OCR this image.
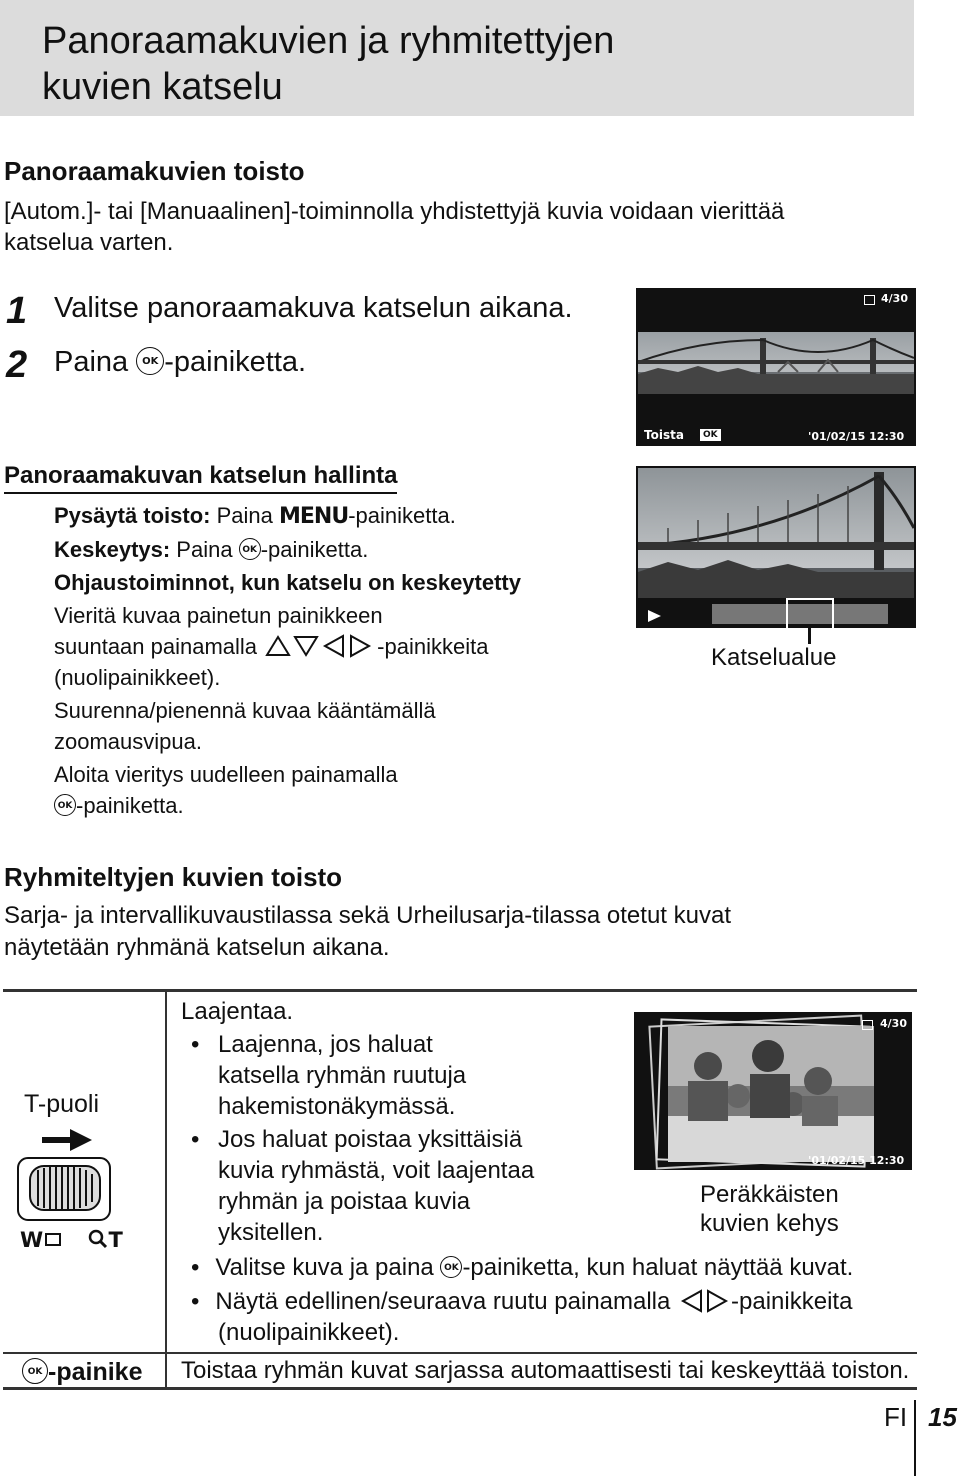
Panoraamakuvien ja ryhmitettyjen
kuvien katselu
Panoraamakuvien toisto
[Autom.]- tai [Manuaalinen]-toiminnolla yhdistettyjä kuvia voidaan vierittää
katselua varten.
1 Valitse panoraamakuva katselun aikana.
2 Paina OK -painiketta.
4/30
Toista	OK	'01/02/15 12:30
Katselualue
Panoraamakuvan katselun hallinta
Pysäytä toisto: Paina MENU-painiketta.
Keskeytys: Paina OK -painiketta.
Ohjaustoiminnot, kun katselu on keskeytetty
Vieritä kuvaa painetun painikkeen
suuntaan painamalla	-painikkeita
(nuolipainikkeet).
Suurenna/pienennä kuvaa kääntämällä
zoomausvipua.
Aloita vieritys uudelleen painamalla
OK -painiketta.
Ryhmiteltyjen kuvien toisto
Sarja- ja intervallikuvaustilassa sekä Urheilusarja-tilassa otetut kuvat
näytetään ryhmänä katselun aikana.
T-puoli
W	T
Laajentaa.
• Laajenna, jos haluat
katsella ryhmän ruutuja
hakemistonäkymässä.
• Jos haluat poistaa yksittäisiä
kuvia ryhmästä, voit laajentaa
ryhmän ja poistaa kuvia
yksitellen.
• Valitse kuva ja paina OK -painiketta, kun haluat näyttää kuvat.
• Näytä edellinen/seuraava ruutu painamalla -painikkeita
(nuolipainikkeet).
4/30
'01/02/15 12:30
Peräkkäisten
kuvien kehys
OK -painike Toistaa ryhmän kuvat sarjassa automaattisesti tai keskeyttää toiston.
FI 15
